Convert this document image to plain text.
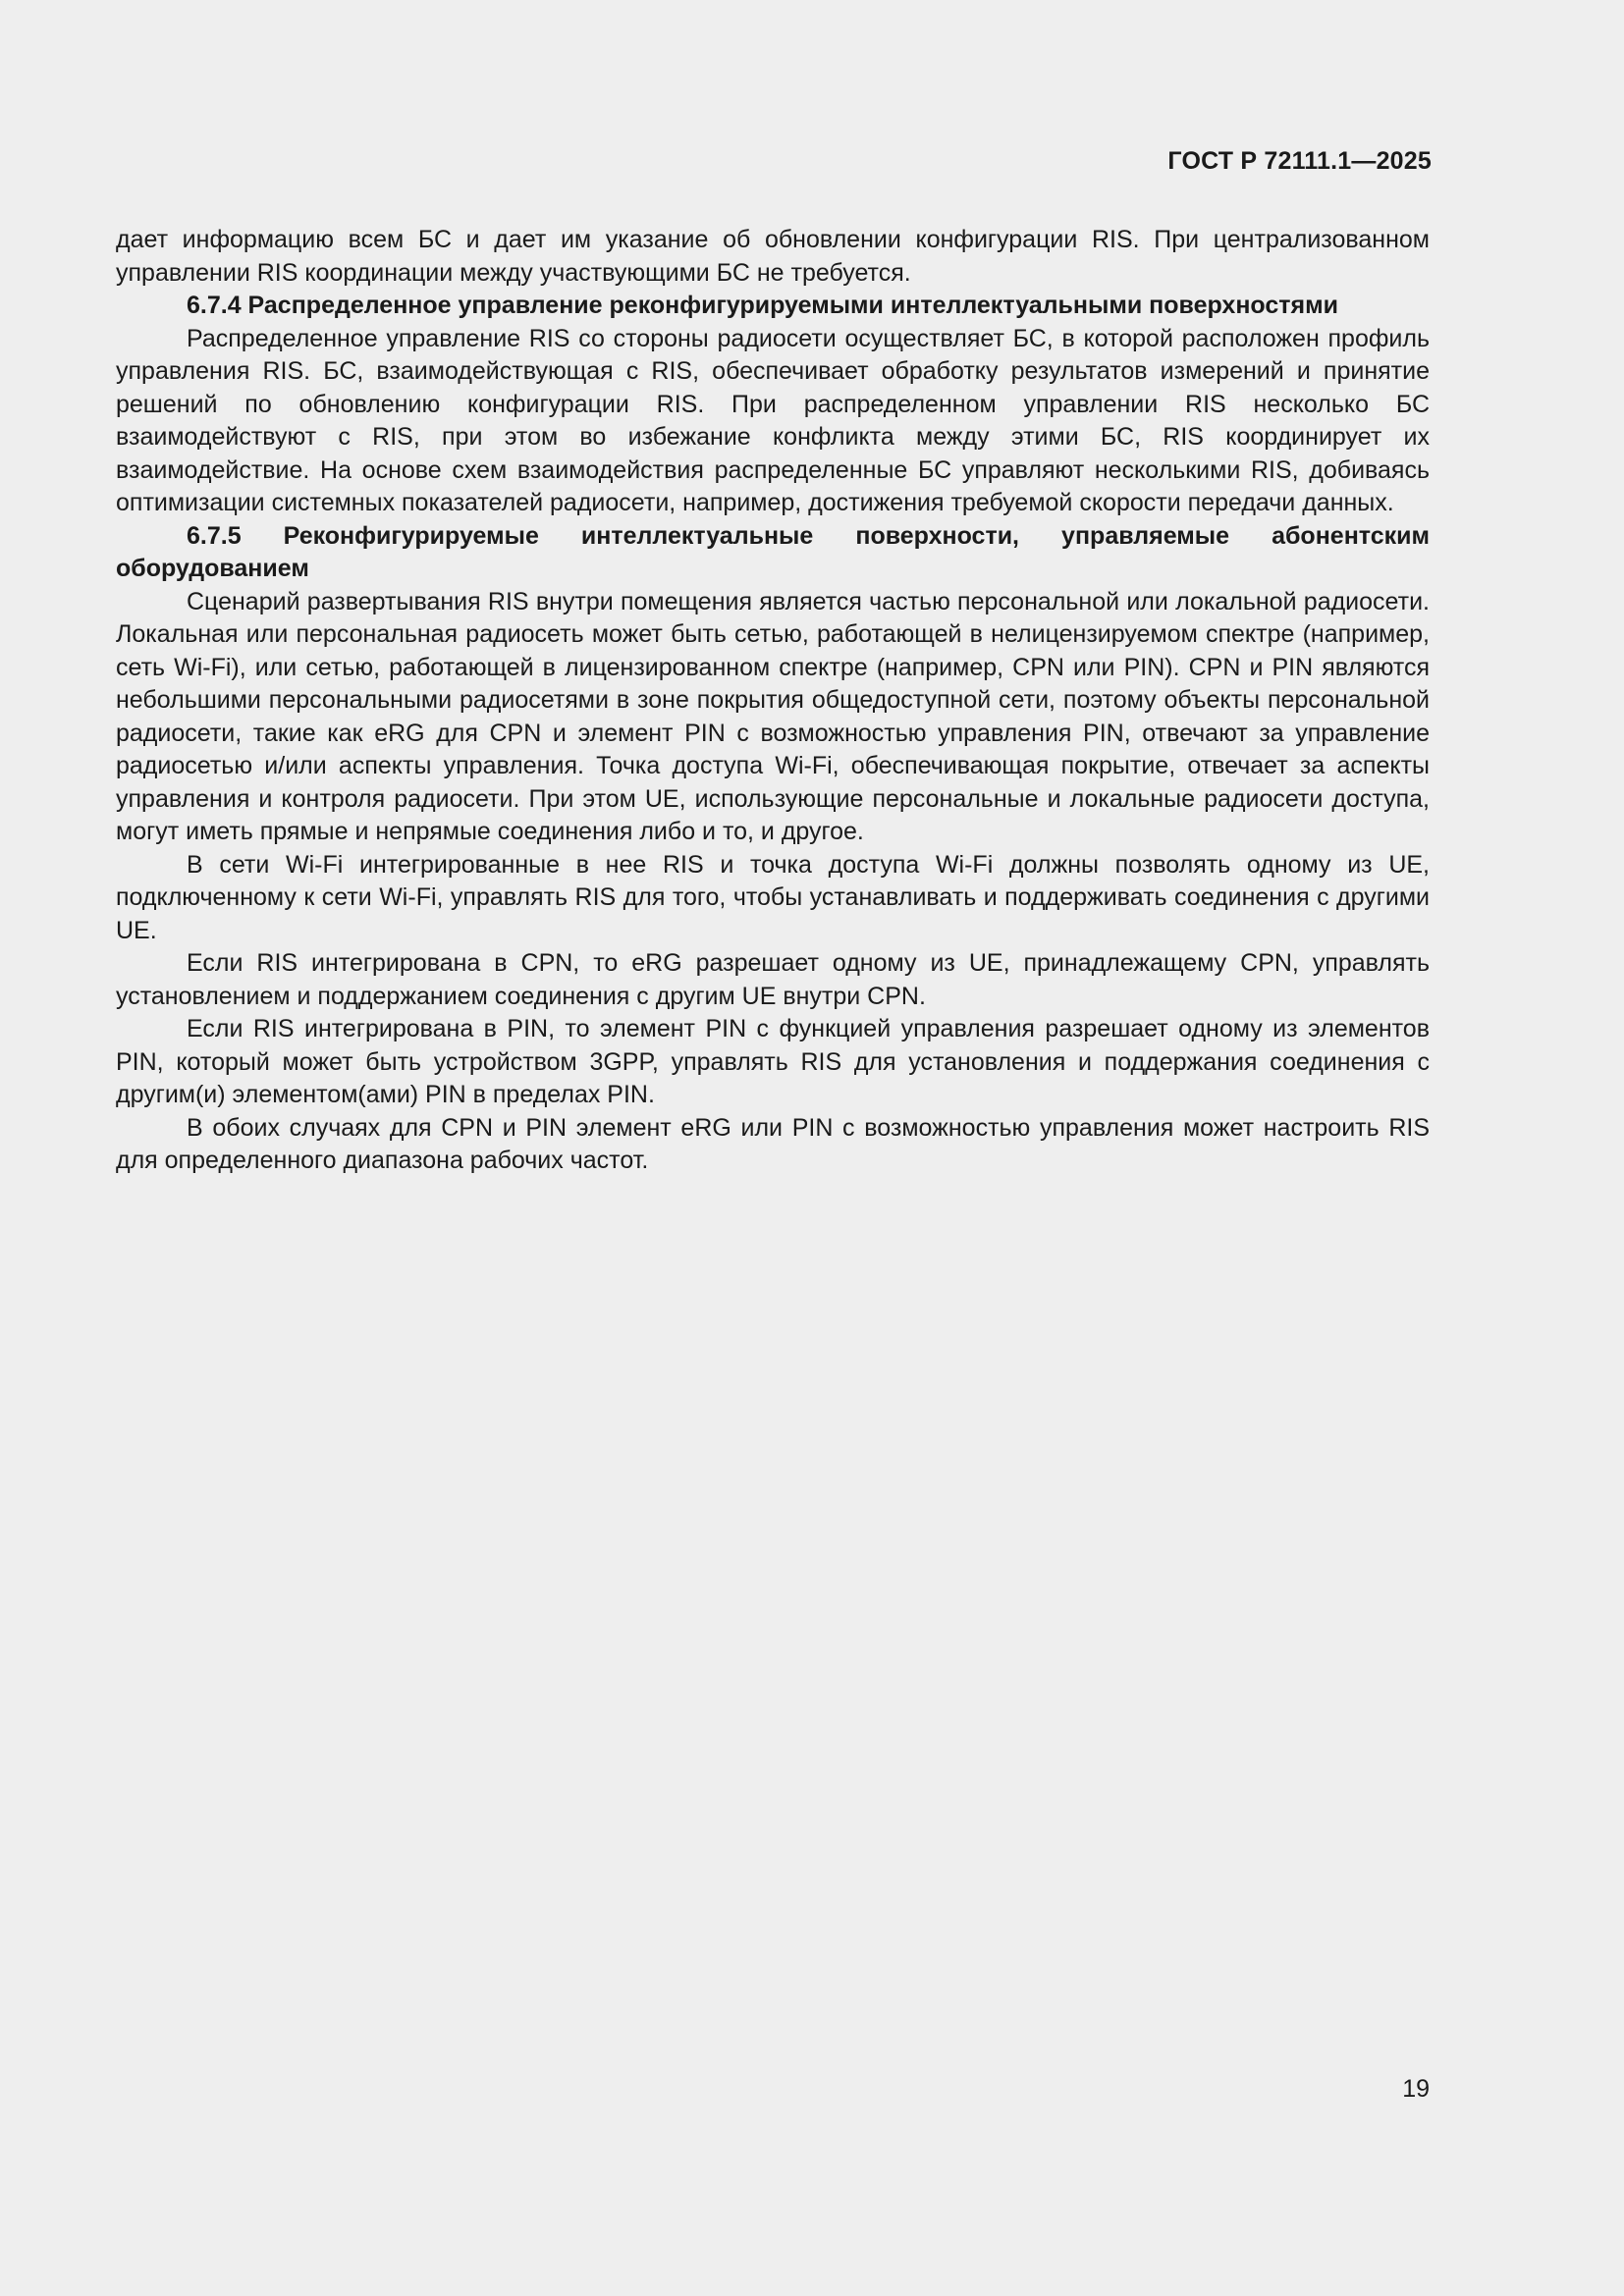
ГОСТ Р 72111.1—2025

дает информацию всем БС и дает им указание об обновлении конфигурации RIS. При централизованном управлении RIS координации между участвующими БС не требуется.

6.7.4 Распределенное управление реконфигурируемыми интеллектуальными поверхностями

Распределенное управление RIS со стороны радиосети осуществляет БС, в которой расположен профиль управления RIS. БС, взаимодействующая с RIS, обеспечивает обработку результатов измерений и принятие решений по обновлению конфигурации RIS. При распределенном управлении RIS несколько БС взаимодействуют с RIS, при этом во избежание конфликта между этими БС, RIS координирует их взаимодействие. На основе схем взаимодействия распределенные БС управляют несколькими RIS, добиваясь оптимизации системных показателей радиосети, например, достижения требуемой скорости передачи данных.

6.7.5 Реконфигурируемые интеллектуальные поверхности, управляемые абонентским оборудованием

Сценарий развертывания RIS внутри помещения является частью персональной или локальной радиосети. Локальная или персональная радиосеть может быть сетью, работающей в нелицензируемом спектре (например, сеть Wi-Fi), или сетью, работающей в лицензированном спектре (например, CPN или PIN). CPN и PIN являются небольшими персональными радиосетями в зоне покрытия общедоступной сети, поэтому объекты персональной радиосети, такие как eRG для CPN и элемент PIN с возможностью управления PIN, отвечают за управление радиосетью и/или аспекты управления. Точка доступа Wi-Fi, обеспечивающая покрытие, отвечает за аспекты управления и контроля радиосети. При этом UE, использующие персональные и локальные радиосети доступа, могут иметь прямые и непрямые соединения либо и то, и другое.

В сети Wi-Fi интегрированные в нее RIS и точка доступа Wi-Fi должны позволять одному из UE, подключенному к сети Wi-Fi, управлять RIS для того, чтобы устанавливать и поддерживать соединения с другими UE.

Если RIS интегрирована в CPN, то eRG разрешает одному из UE, принадлежащему CPN, управлять установлением и поддержанием соединения с другим UE внутри CPN.

Если RIS интегрирована в PIN, то элемент PIN с функцией управления разрешает одному из элементов PIN, который может быть устройством 3GPP, управлять RIS для установления и поддержания соединения с другим(и) элементом(ами) PIN в пределах PIN.

В обоих случаях для CPN и PIN элемент eRG или PIN с возможностью управления может настроить RIS для определенного диапазона рабочих частот.

19
